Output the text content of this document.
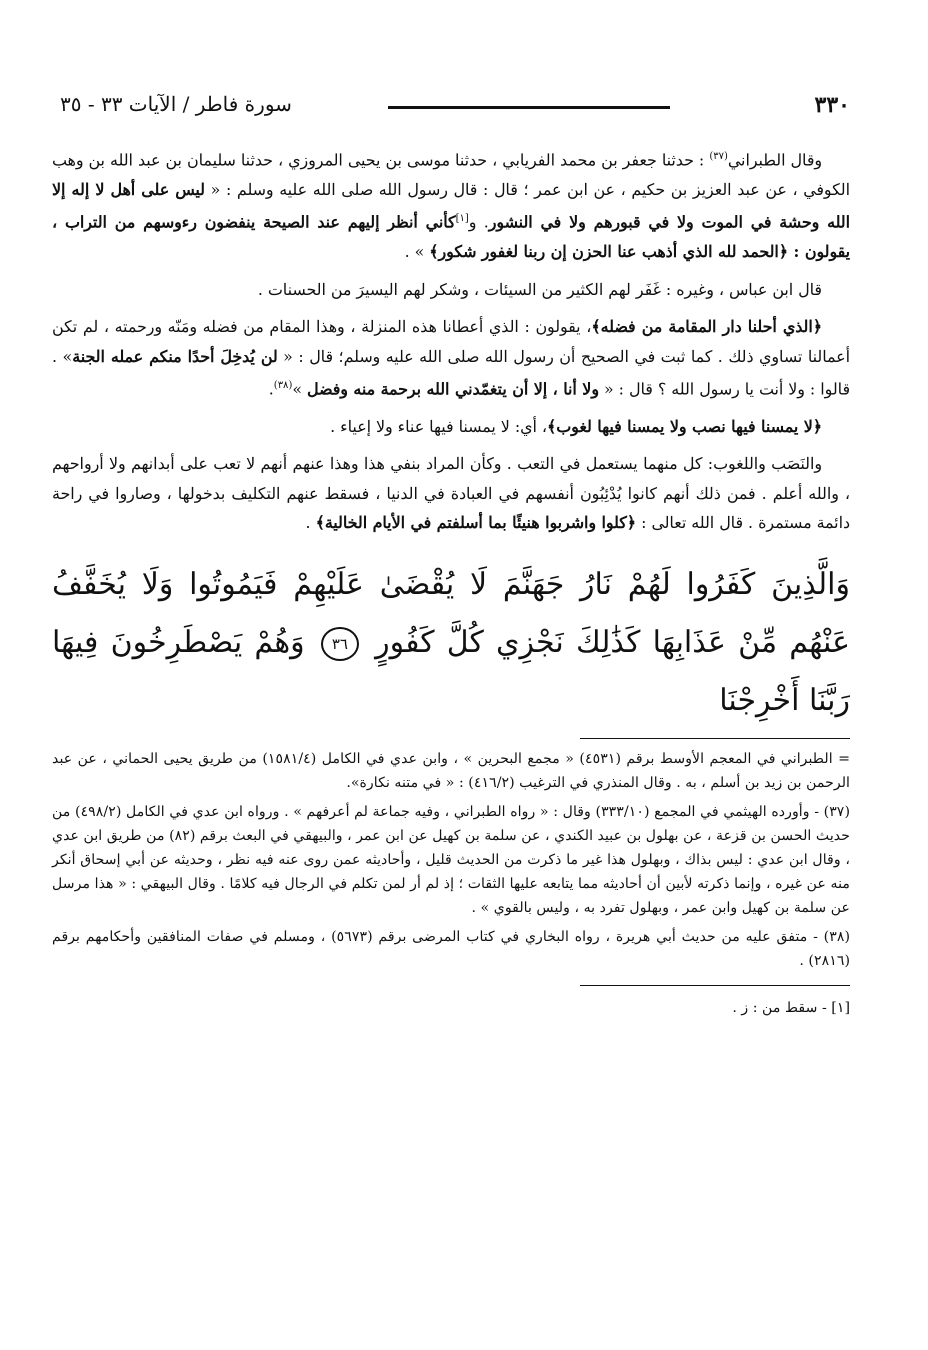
٣٣٠
سورة فاطر / الآيات ٣٣ - ٣٥

وقال الطبراني$^{(٣٧)}$ : حدثنا جعفر بن محمد الفريابي ، حدثنا موسى بن يحيى المروزي ، حدثنا سليمان بن عبد الله بن وهب الكوفي ، عن عبد العزيز بن حكيم ، عن ابن عمر ؛ قال : قال رسول الله صلى الله عليه وسلم : « ليس على أهل لا إله إلا الله وحشة في الموت ولا في قبورهم ولا في النشور. و[١]كأني أنظر إليهم عند الصيحة ينفضون رءوسهم من التراب ، يقولون : ﴿الحمد لله الذي أذهب عنا الحزن إن ربنا لغفور شكور﴾ » .

قال ابن عباس ، وغيره : غَفَر لهم الكثير من السيئات ، وشكر لهم اليسيرَ من الحسنات .

﴿الذي أحلنا دار المقامة من فضله﴾، يقولون : الذي أعطانا هذه المنزلة ، وهذا المقام من فضله ومَنّه ورحمته ، لم تكن أعمالنا تساوي ذلك . كما ثبت في الصحيح أن رسول الله صلى الله عليه وسلم؛ قال : « لن يُدخِلَ أحدًا منكم عمله الجنة» . قالوا : ولا أنت يا رسول الله ؟ قال : « ولا أنا ، إلا أن يتغمّدني الله برحمة منه وفضل »$^{(٣٨)}$.

﴿لا يمسنا فيها نصب ولا يمسنا فيها لغوب﴾، أي: لا يمسنا فيها عناء ولا إعياء .

والنَصَب واللغوب: كل منهما يستعمل في التعب . وكأن المراد بنفي هذا وهذا عنهم أنهم لا تعب على أبدانهم ولا أرواحهم ، والله أعلم . فمن ذلك أنهم كانوا يُدْئِبُون أنفسهم في العبادة في الدنيا ، فسقط عنهم التكليف بدخولها ، وصاروا في راحة دائمة مستمرة . قال الله تعالى : ﴿كلوا واشربوا هنيئًا بما أسلفتم في الأيام الخالية﴾ .

وَالَّذِينَ كَفَرُوا لَهُمْ نَارُ جَهَنَّمَ لَا يُقْضَىٰ عَلَيْهِمْ فَيَمُوتُوا وَلَا يُخَفَّفُ عَنْهُم مِّنْ عَذَابِهَا كَذَٰلِكَ نَجْزِي كُلَّ كَفُورٍ ٣٦ وَهُمْ يَصْطَرِخُونَ فِيهَا رَبَّنَا أَخْرِجْنَا

= الطبراني في المعجم الأوسط برقم (٤٥٣١) « مجمع البحرين » ، وابن عدي في الكامل (١٥٨١/٤) من طريق يحيى الحماني ، عن عبد الرحمن بن زيد بن أسلم ، به . وقال المنذري في الترغيب (٤١٦/٢) : « في متنه نكارة».

(٣٧) - وأورده الهيثمي في المجمع (٣٣٣/١٠) وقال : « رواه الطبراني ، وفيه جماعة لم أعرفهم » . ورواه ابن عدي في الكامل (٤٩٨/٢) من حديث الحسن بن قزعة ، عن بهلول بن عبيد الكندي ، عن سلمة بن كهيل عن ابن عمر ، والبيهقي في البعث برقم (٨٢) من طريق ابن عدي ، وقال ابن عدي : ليس بذاك ، وبهلول هذا غير ما ذكرت من الحديث قليل ، وأحاديثه عمن روى عنه فيه نظر ، وحديثه عن أبي إسحاق أنكر منه عن غيره ، وإنما ذكرته لأبين أن أحاديثه مما يتابعه عليها الثقات ؛ إذ لم أر لمن تكلم في الرجال فيه كلامًا . وقال البيهقي : « هذا مرسل عن سلمة بن كهيل وابن عمر ، وبهلول تفرد به ، وليس بالقوي » .

(٣٨) - متفق عليه من حديث أبي هريرة ، رواه البخاري في كتاب المرضى برقم (٥٦٧٣) ، ومسلم في صفات المنافقين وأحكامهم برقم (٢٨١٦) .

[١] - سقط من : ز .
